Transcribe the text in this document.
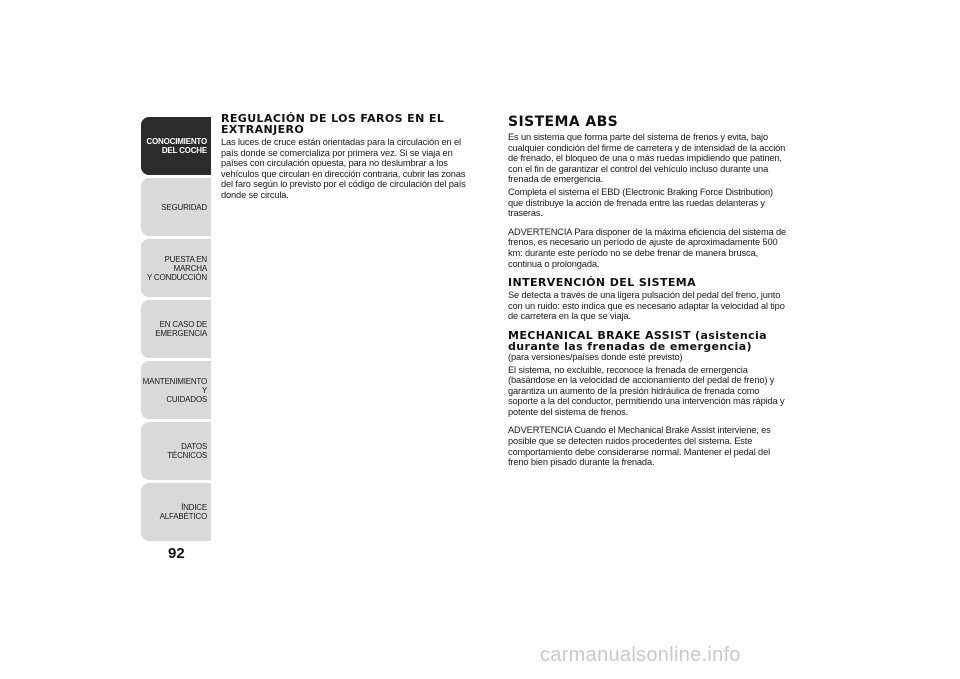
CONOCIMIENTO
DEL COCHE
SEGURIDAD
PUESTA EN MARCHA
Y CONDUCCIÓN
EN CASO DE
EMERGENCIA
MANTENIMIENTO Y
CUIDADOS
DATOS TÉCNICOS
ÍNDICE ALFABÉTICO
92
REGULACIÓN DE LOS FAROS EN EL EXTRANJERO

Las luces de cruce están orientadas para la circulación en el país donde se comercializa por primera vez. Si se viaja en países con circulación opuesta, para no deslumbrar a los vehículos que circulan en dirección contraria, cubrir las zonas del faro según lo previsto por el código de circulación del país donde se circula.

SISTEMA ABS

Es un sistema que forma parte del sistema de frenos y evita, bajo cualquier condición del firme de carretera y de intensidad de la acción de frenado, el bloqueo de una o más ruedas impidiendo que patinen, con el fin de garantizar el control del vehículo incluso durante una frenada de emergencia.

Completa el sistema el EBD (Electronic Braking Force Distribution) que distribuye la acción de frenada entre las ruedas delanteras y traseras.

ADVERTENCIA Para disponer de la máxima eficiencia del sistema de frenos, es necesario un período de ajuste de aproximadamente 500 km: durante este período no se debe frenar de manera brusca, continua o prolongada.

INTERVENCIÓN DEL SISTEMA

Se detecta a través de una ligera pulsación del pedal del freno, junto con un ruido: esto indica que es necesario adaptar la velocidad al tipo de carretera en la que se viaja.

MECHANICAL BRAKE ASSIST (asistencia durante las frenadas de emergencia)

(para versiones/países donde esté previsto)

El sistema, no excluible, reconoce la frenada de emergencia (basándose en la velocidad de accionamiento del pedal de freno) y garantiza un aumento de la presión hidráulica de frenada como soporte a la del conductor, permitiendo una intervención más rápida y potente del sistema de frenos.

ADVERTENCIA Cuando el Mechanical Brake Assist interviene, es posible que se detecten ruidos procedentes del sistema. Este comportamiento debe considerarse normal. Mantener el pedal del freno bien pisado durante la frenada.

carmanualsonline.info
